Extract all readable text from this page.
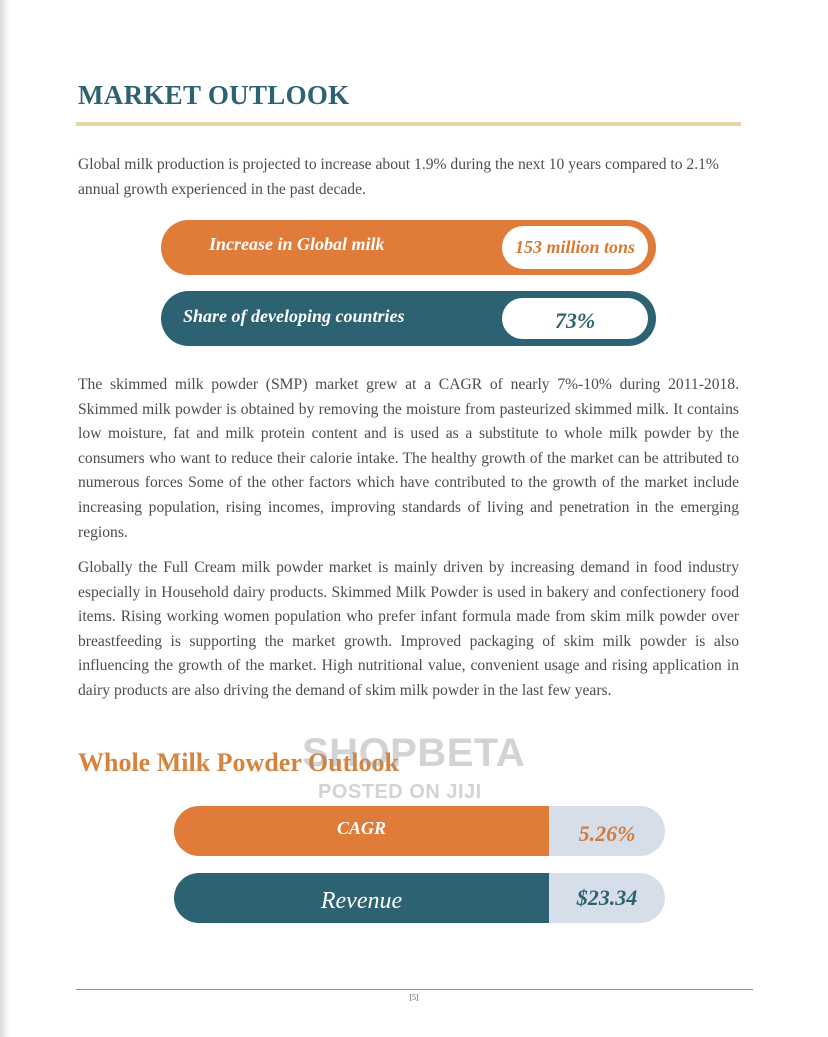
MARKET OUTLOOK

Global milk production is projected to increase about 1.9% during the next 10 years compared to 2.1% annual growth experienced in the past decade.

Increase in Global milk	153 million tons
Share of developing countries	73%

The skimmed milk powder (SMP) market grew at a CAGR of nearly 7%-10% during 2011-2018. Skimmed milk powder is obtained by removing the moisture from pasteurized skimmed milk. It contains low moisture, fat and milk protein content and is used as a substitute to whole milk powder by the consumers who want to reduce their calorie intake. The healthy growth of the market can be attributed to numerous forces Some of the other factors which have contributed to the growth of the market include increasing population, rising incomes, improving standards of living and penetration in the emerging regions.

Globally the Full Cream milk powder market is mainly driven by increasing demand in food industry especially in Household dairy products. Skimmed Milk Powder is used in bakery and confectionery food items. Rising working women population who prefer infant formula made from skim milk powder over breastfeeding is supporting the market growth. Improved packaging of skim milk powder is also influencing the growth of the market. High nutritional value, convenient usage and rising application in dairy products are also driving the demand of skim milk powder in the last few years.

Whole Milk Powder Outlook
SHOPBETA
POSTED ON JIJI
CAGR	5.26%
Revenue	$23.34
[5]
